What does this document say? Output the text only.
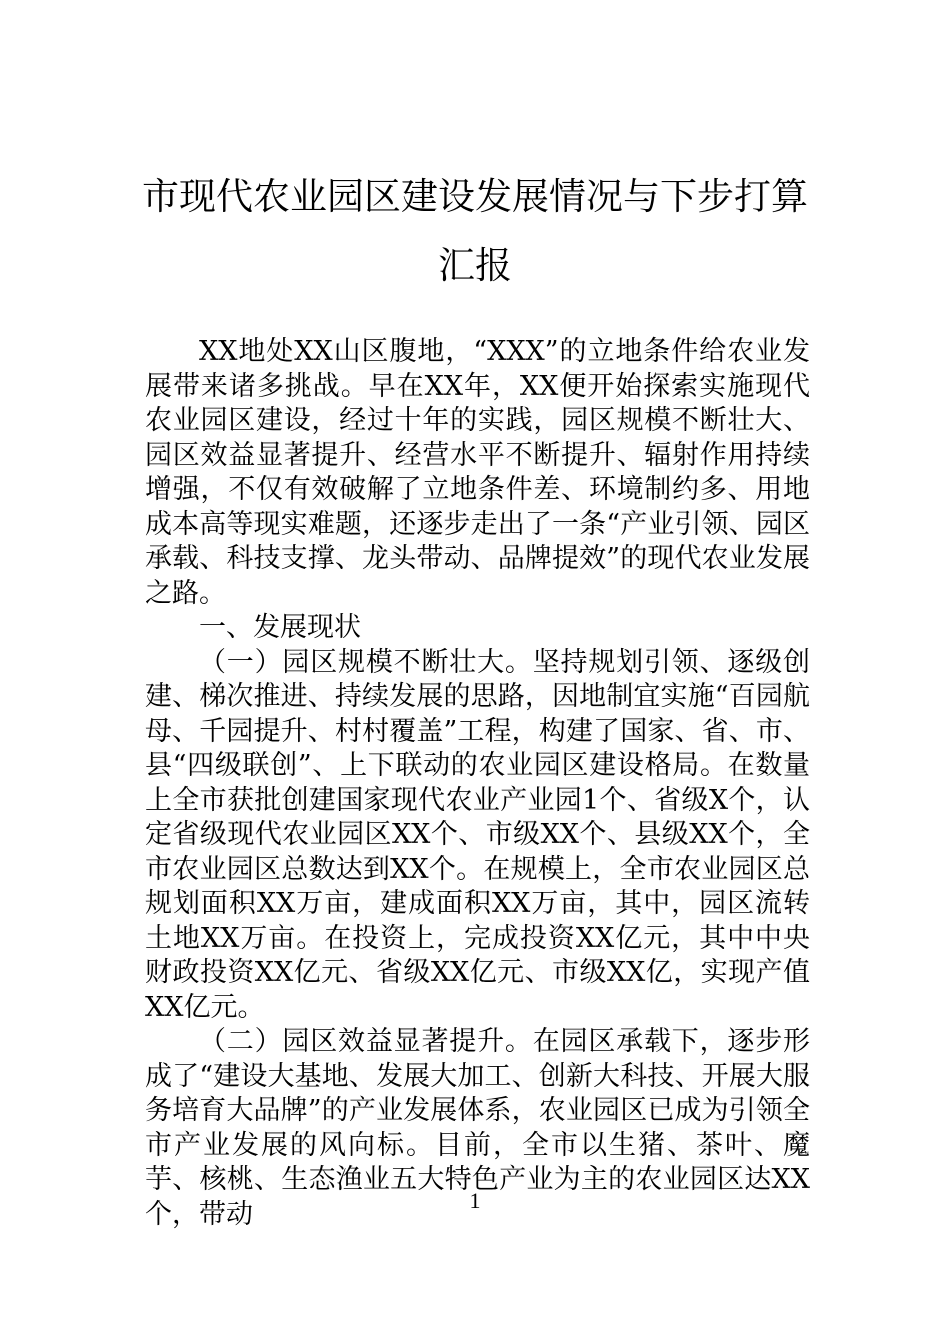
市现代农业园区建设发展情况与下步打算
汇报

XX地处XX山区腹地，“XXX”的立地条件给农业发展带来诸多挑战。早在XX年，XX便开始探索实施现代农业园区建设，经过十年的实践，园区规模不断壮大、园区效益显著提升、经营水平不断提升、辐射作用持续增强，不仅有效破解了立地条件差、环境制约多、用地成本高等现实难题，还逐步走出了一条“产业引领、园区承载、科技支撑、龙头带动、品牌提效”的现代农业发展之路。

一、发展现状

（一）园区规模不断壮大。坚持规划引领、逐级创建、梯次推进、持续发展的思路，因地制宜实施“百园航母、千园提升、村村覆盖”工程，构建了国家、省、市、县“四级联创”、上下联动的农业园区建设格局。在数量上全市获批创建国家现代农业产业园1个、省级X个，认定省级现代农业园区XX个、市级XX个、县级XX个，全市农业园区总数达到XX个。在规模上，全市农业园区总规划面积XX万亩，建成面积XX万亩，其中，园区流转土地XX万亩。在投资上，完成投资XX亿元，其中中央财政投资XX亿元、省级XX亿元、市级XX亿，实现产值XX亿元。

（二）园区效益显著提升。在园区承载下，逐步形成了“建设大基地、发展大加工、创新大科技、开展大服务培育大品牌”的产业发展体系，农业园区已成为引领全市产业发展的风向标。目前，全市以生猪、茶叶、魔芋、核桃、生态渔业五大特色产业为主的农业园区达XX个，带动	1
